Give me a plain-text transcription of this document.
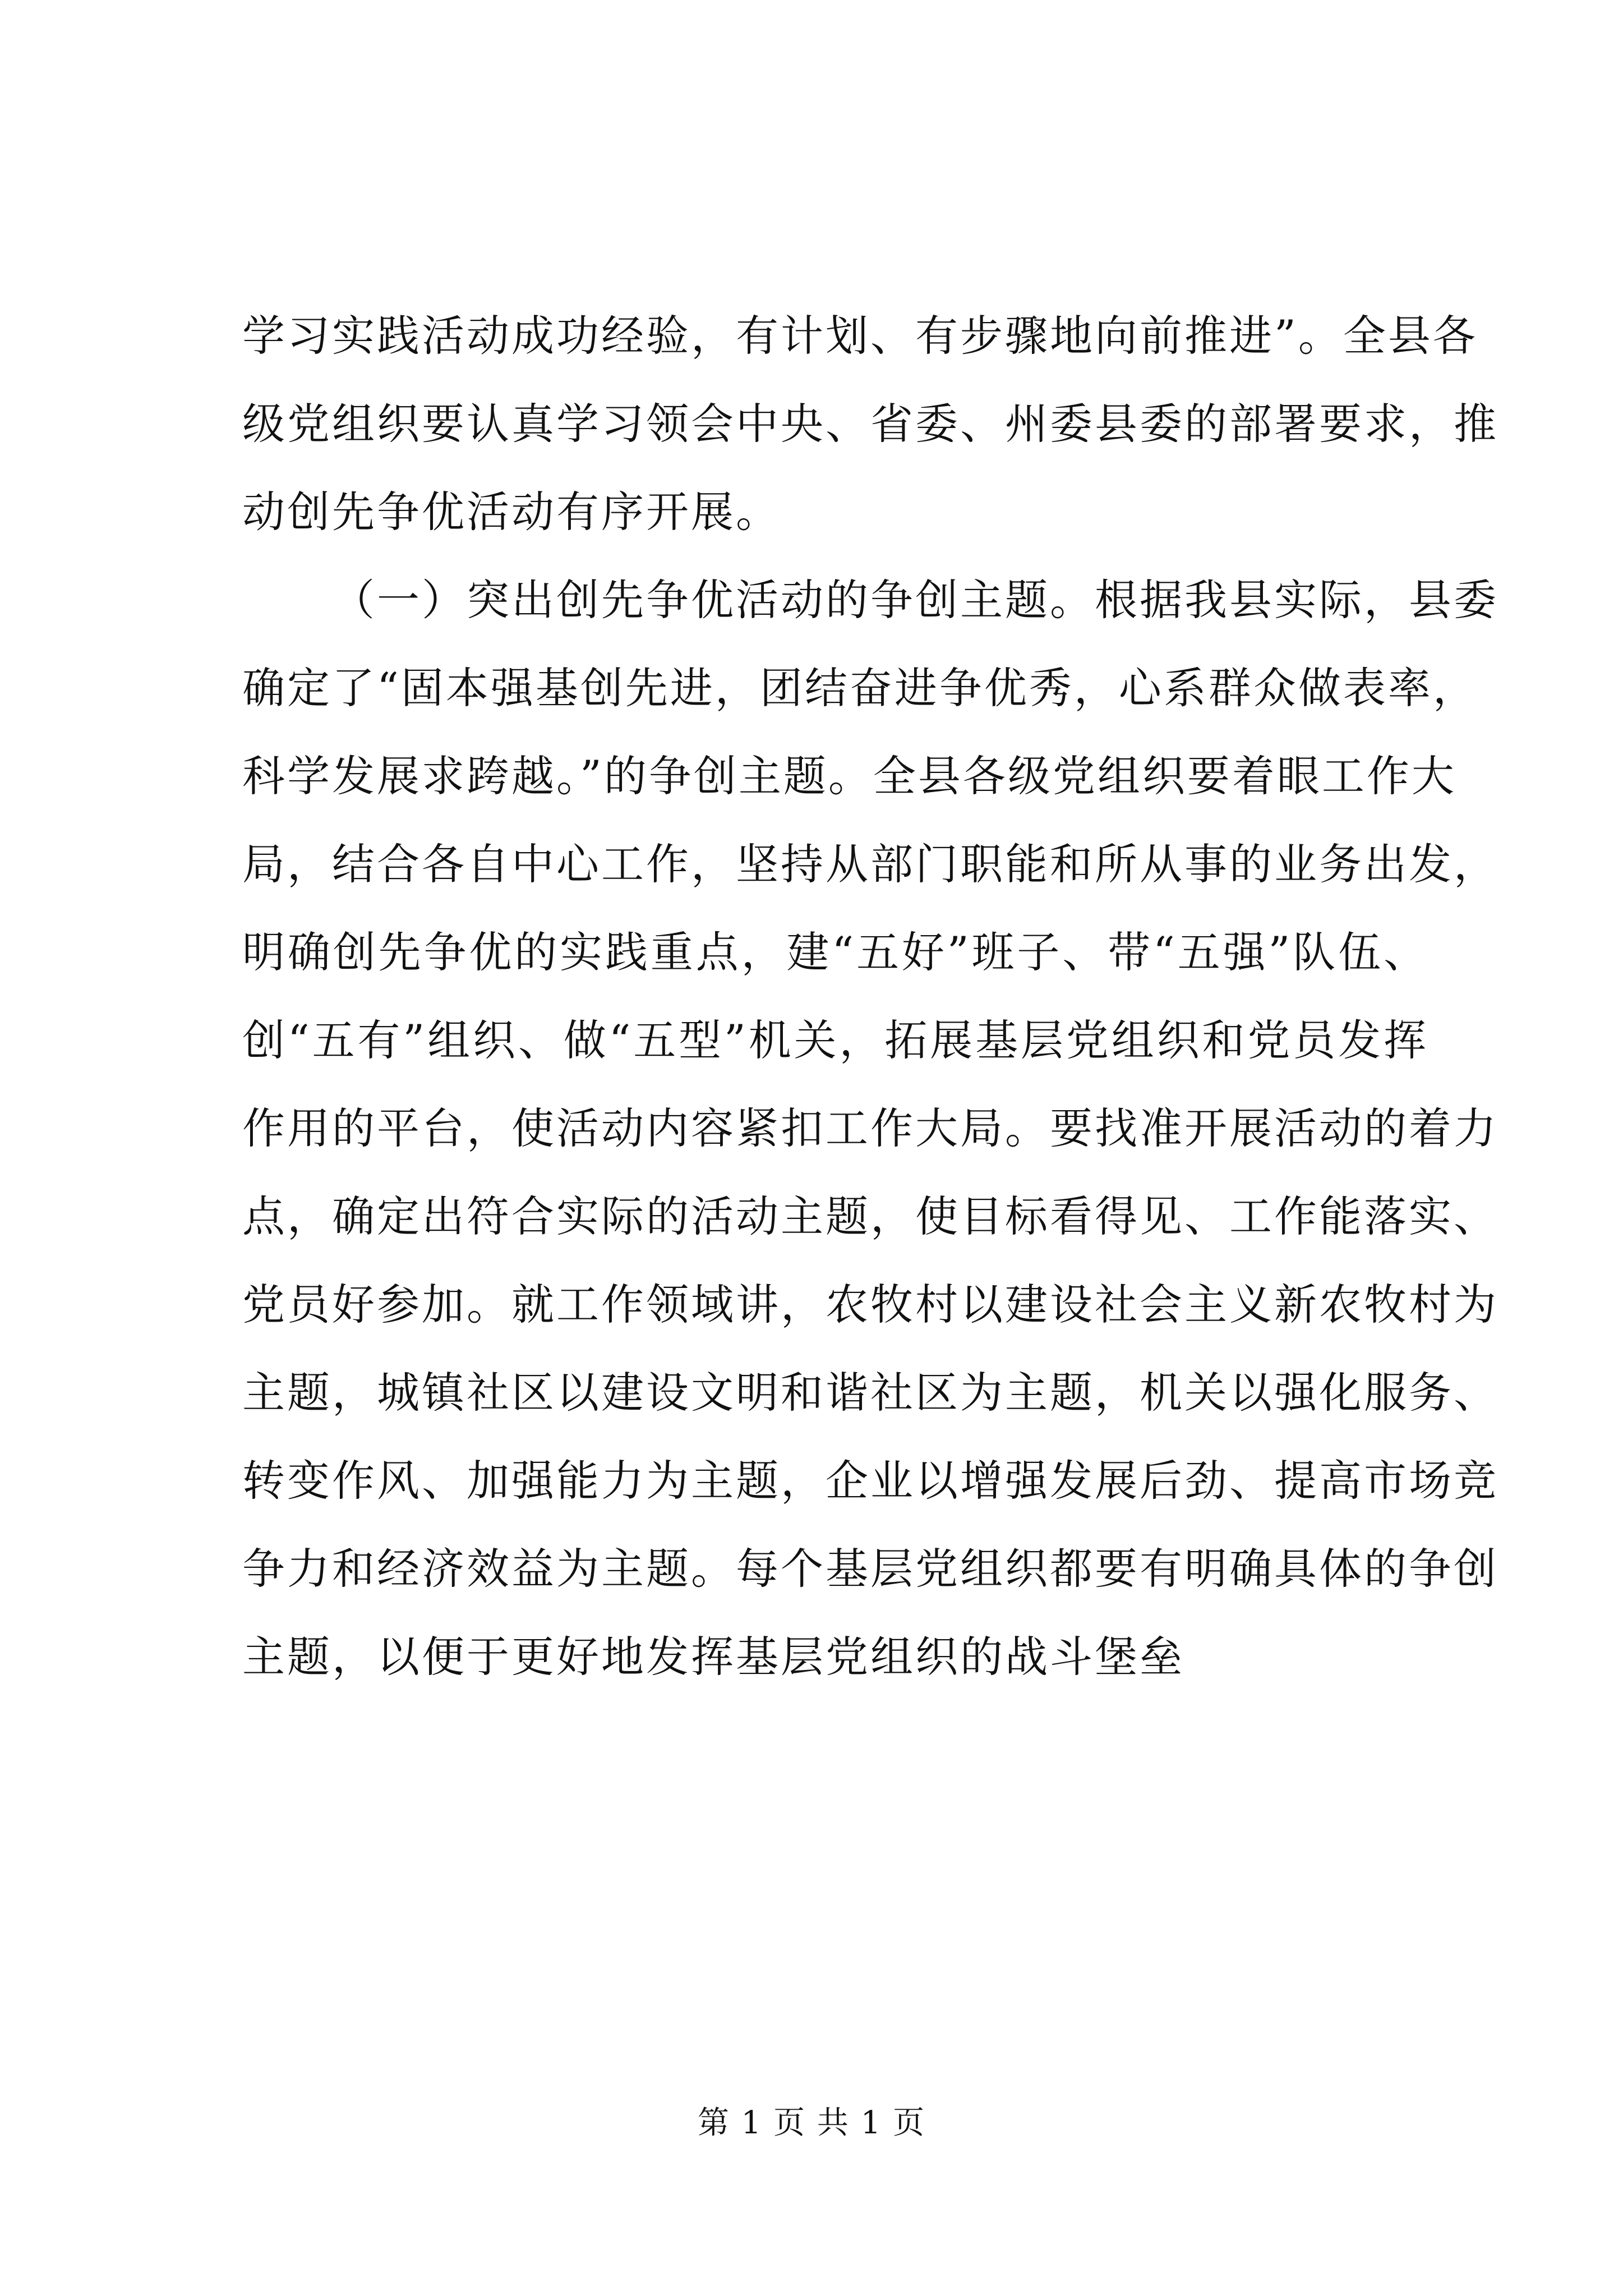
学习实践活动成功经验，有计划、有步骤地向前推进”。全县各
级党组织要认真学习领会中央、省委、州委县委的部署要求，推
动创先争优活动有序开展。
（一）突出创先争优活动的争创主题。根据我县实际，县委
确定了“固本强基创先进，团结奋进争优秀，心系群众做表率，
科学发展求跨越。”的争创主题。全县各级党组织要着眼工作大
局，结合各自中心工作，坚持从部门职能和所从事的业务出发，
明确创先争优的实践重点，建“五好”班子、带“五强”队伍、
创“五有”组织、做“五型”机关，拓展基层党组织和党员发挥
作用的平台，使活动内容紧扣工作大局。要找准开展活动的着力
点，确定出符合实际的活动主题，使目标看得见、工作能落实、
党员好参加。就工作领域讲，农牧村以建设社会主义新农牧村为
主题，城镇社区以建设文明和谐社区为主题，机关以强化服务、
转变作风、加强能力为主题，企业以增强发展后劲、提高市场竞
争力和经济效益为主题。每个基层党组织都要有明确具体的争创
主题，以便于更好地发挥基层党组织的战斗堡垒
第 1 页 共 1 页
